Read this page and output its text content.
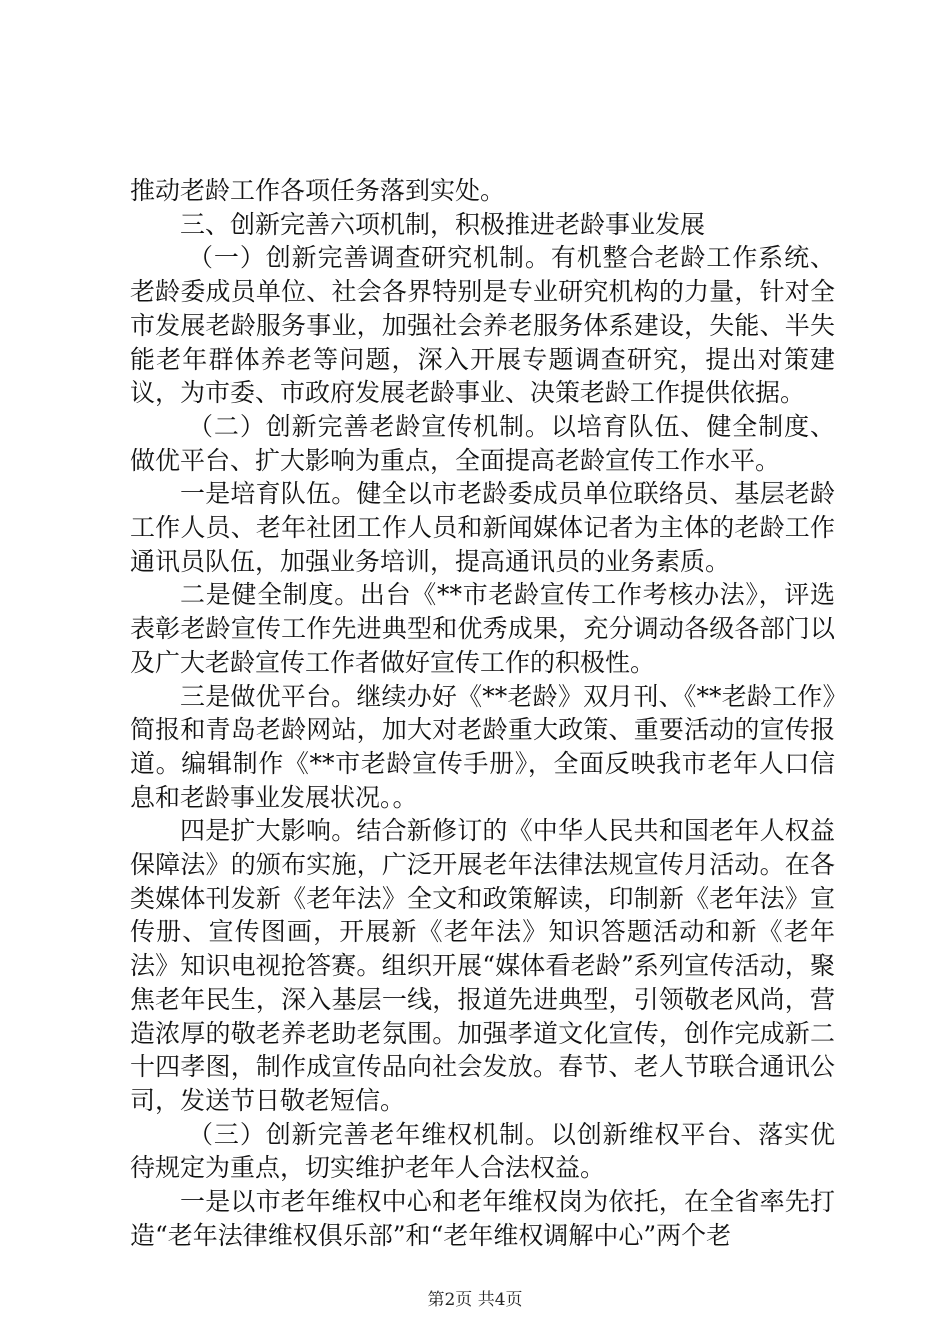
推动老龄工作各项任务落到实处。

三、创新完善六项机制，积极推进老龄事业发展

（一）创新完善调查研究机制。有机整合老龄工作系统、老龄委成员单位、社会各界特别是专业研究机构的力量，针对全市发展老龄服务事业，加强社会养老服务体系建设，失能、半失能老年群体养老等问题，深入开展专题调查研究，提出对策建议，为市委、市政府发展老龄事业、决策老龄工作提供依据。

（二）创新完善老龄宣传机制。以培育队伍、健全制度、做优平台、扩大影响为重点，全面提高老龄宣传工作水平。

一是培育队伍。健全以市老龄委成员单位联络员、基层老龄工作人员、老年社团工作人员和新闻媒体记者为主体的老龄工作通讯员队伍，加强业务培训，提高通讯员的业务素质。

二是健全制度。出台《**市老龄宣传工作考核办法》，评选表彰老龄宣传工作先进典型和优秀成果，充分调动各级各部门以及广大老龄宣传工作者做好宣传工作的积极性。

三是做优平台。继续办好《**老龄》双月刊、《**老龄工作》简报和青岛老龄网站，加大对老龄重大政策、重要活动的宣传报道。编辑制作《**市老龄宣传手册》，全面反映我市老年人口信息和老龄事业发展状况。。

四是扩大影响。结合新修订的《中华人民共和国老年人权益保障法》的颁布实施，广泛开展老年法律法规宣传月活动。在各类媒体刊发新《老年法》全文和政策解读，印制新《老年法》宣传册、宣传图画，开展新《老年法》知识答题活动和新《老年法》知识电视抢答赛。组织开展“媒体看老龄”系列宣传活动，聚焦老年民生，深入基层一线，报道先进典型，引领敬老风尚，营造浓厚的敬老养老助老氛围。加强孝道文化宣传，创作完成新二十四孝图，制作成宣传品向社会发放。春节、老人节联合通讯公司，发送节日敬老短信。

（三）创新完善老年维权机制。以创新维权平台、落实优待规定为重点，切实维护老年人合法权益。

一是以市老年维权中心和老年维权岗为依托，在全省率先打造“老年法律维权俱乐部”和“老年维权调解中心”两个老

第2页 共4页
